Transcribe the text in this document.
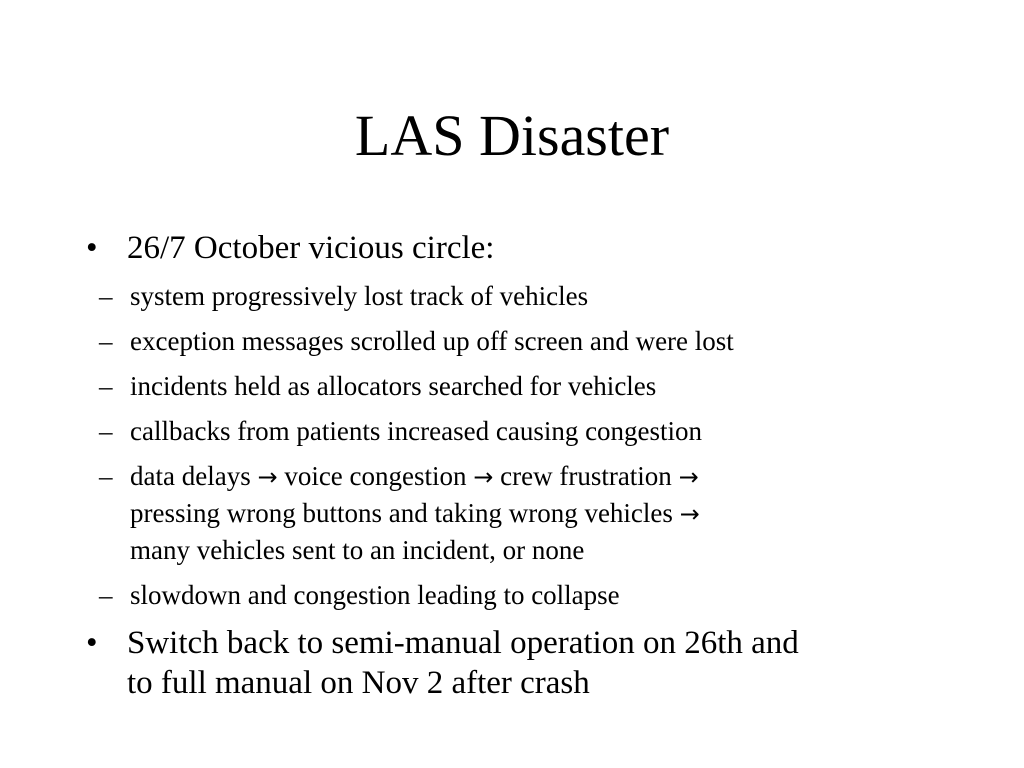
LAS Disaster
• 26/7 October vicious circle:
– system progressively lost track of vehicles
– exception messages scrolled up off screen and were lost
– incidents held as allocators searched for vehicles
– callbacks from patients increased causing congestion
– data delays → voice congestion → crew frustration →
pressing wrong buttons and taking wrong vehicles →
many vehicles sent to an incident, or none
– slowdown and congestion leading to collapse
• Switch back to semi-manual operation on 26th and
to full manual on Nov 2 after crash
